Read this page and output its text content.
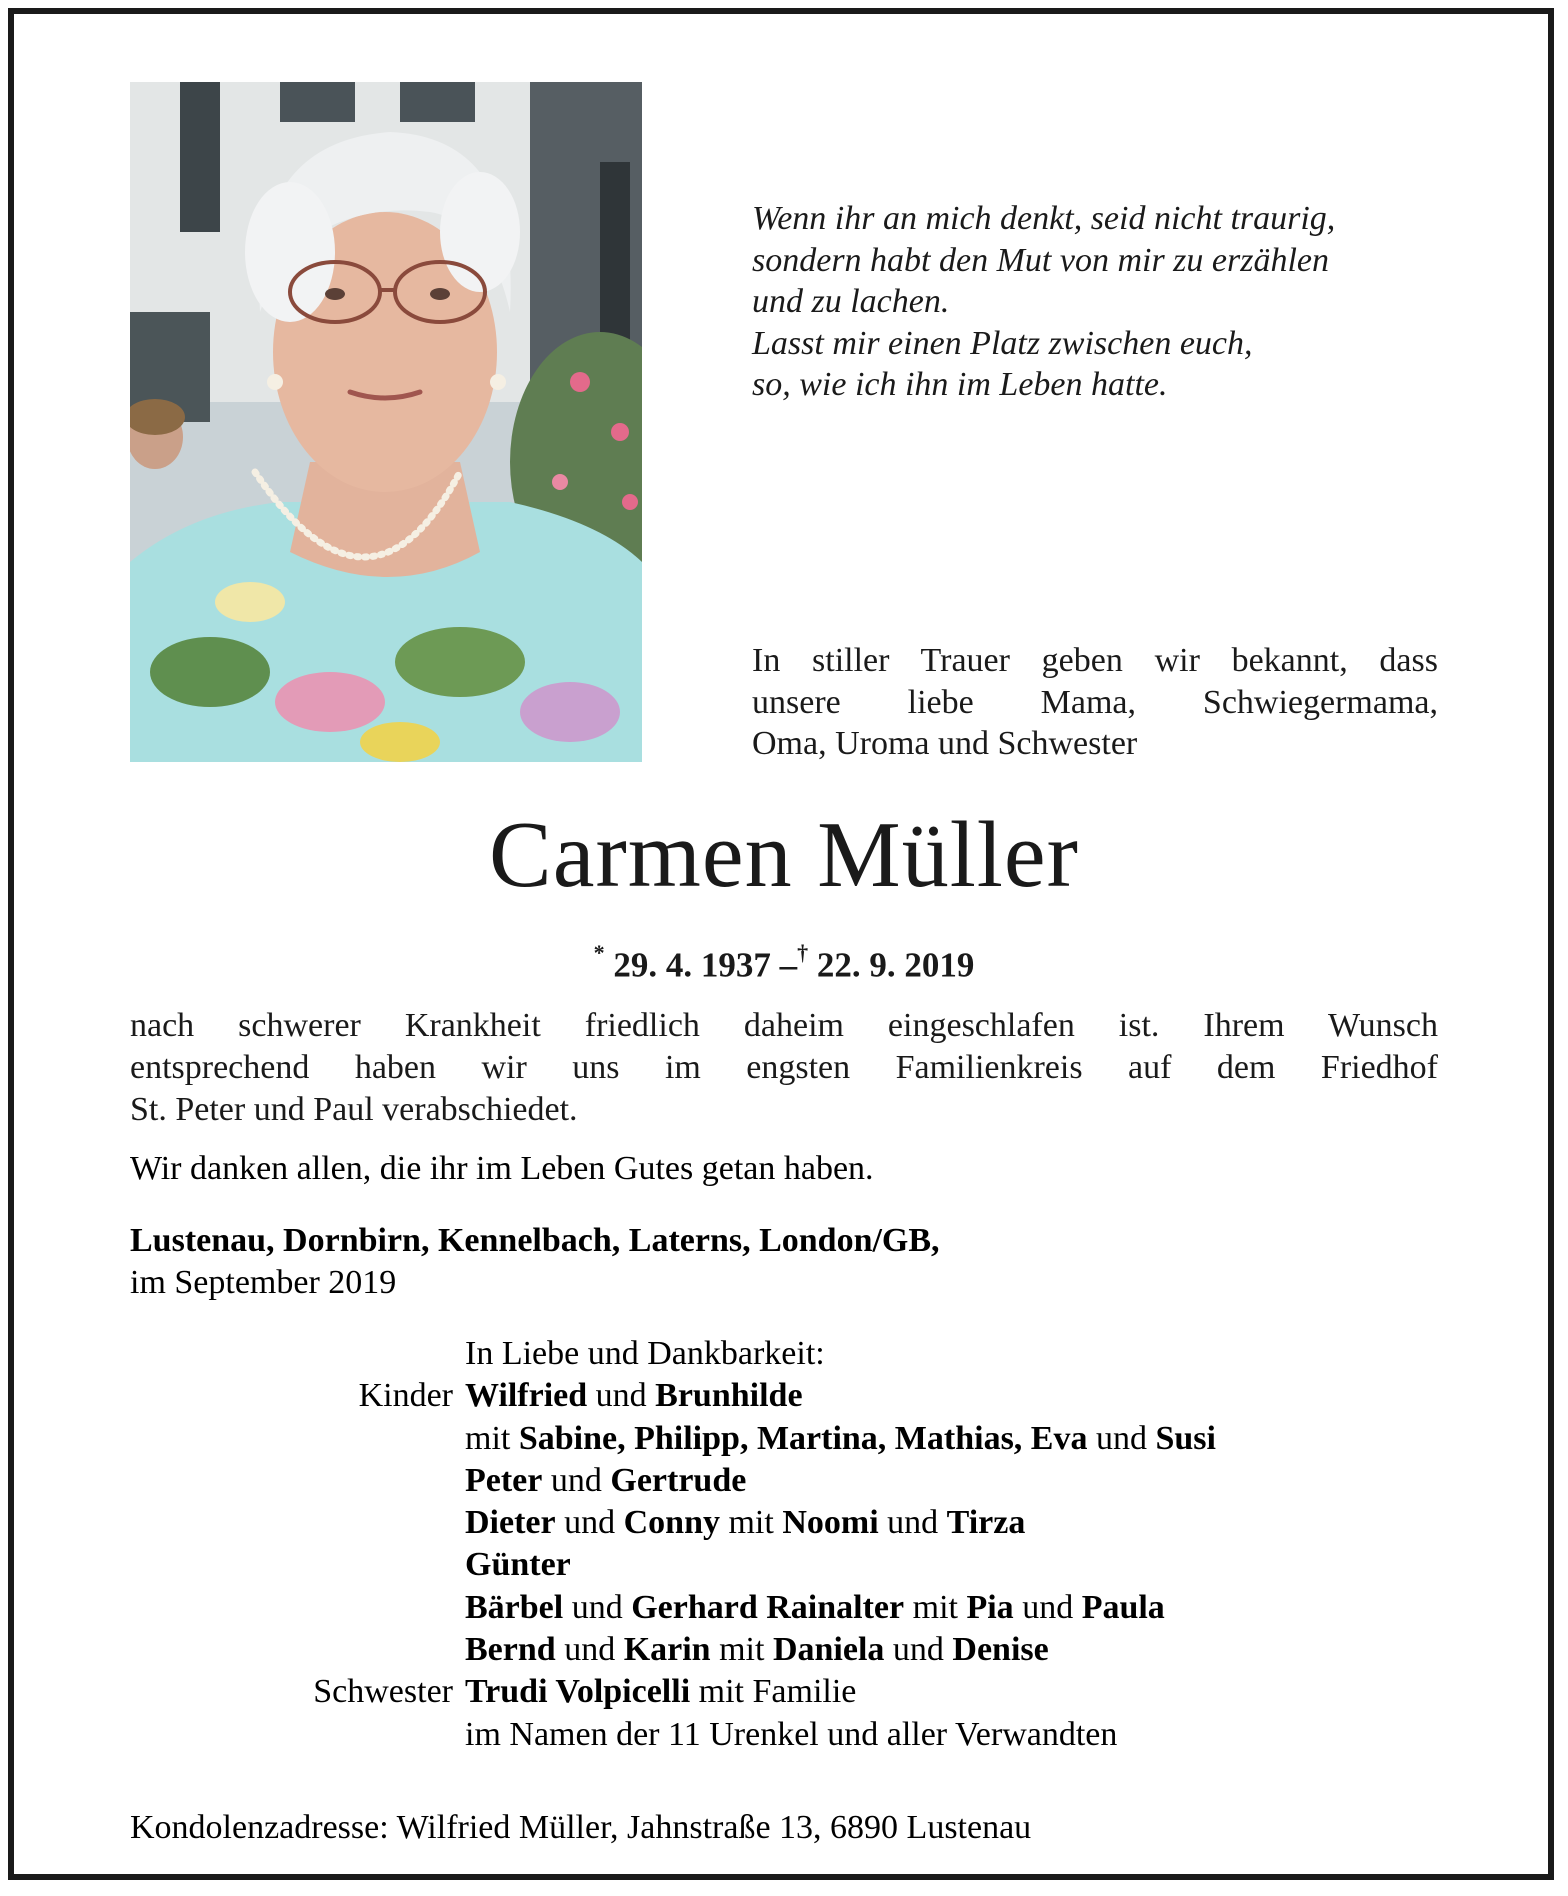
Wenn ihr an mich denkt, seid nicht traurig,
sondern habt den Mut von mir zu erzählen
und zu lachen.
Lasst mir einen Platz zwischen euch,
so, wie ich ihn im Leben hatte.
In stiller Trauer geben wir bekannt, dass
unsere liebe Mama, Schwiegermama,
Oma, Uroma und Schwester
Carmen Müller
* 29. 4. 1937 –† 22. 9. 2019
nach schwerer Krankheit friedlich daheim eingeschlafen ist. Ihrem Wunsch
entsprechend haben wir uns im engsten Familienkreis auf dem Friedhof
St. Peter und Paul verabschiedet.
Wir danken allen, die ihr im Leben Gutes getan haben.
Lustenau, Dornbirn, Kennelbach, Laterns, London/GB,
im September 2019
In Liebe und Dankbarkeit:
Kinder Wilfried und Brunhilde
mit Sabine, Philipp, Martina, Mathias, Eva und Susi
Peter und Gertrude
Dieter und Conny mit Noomi und Tirza
Günter
Bärbel und Gerhard Rainalter mit Pia und Paula
Bernd und Karin mit Daniela und Denise
Schwester Trudi Volpicelli mit Familie
im Namen der 11 Urenkel und aller Verwandten
Kondolenzadresse: Wilfried Müller, Jahnstraße 13, 6890 Lustenau
